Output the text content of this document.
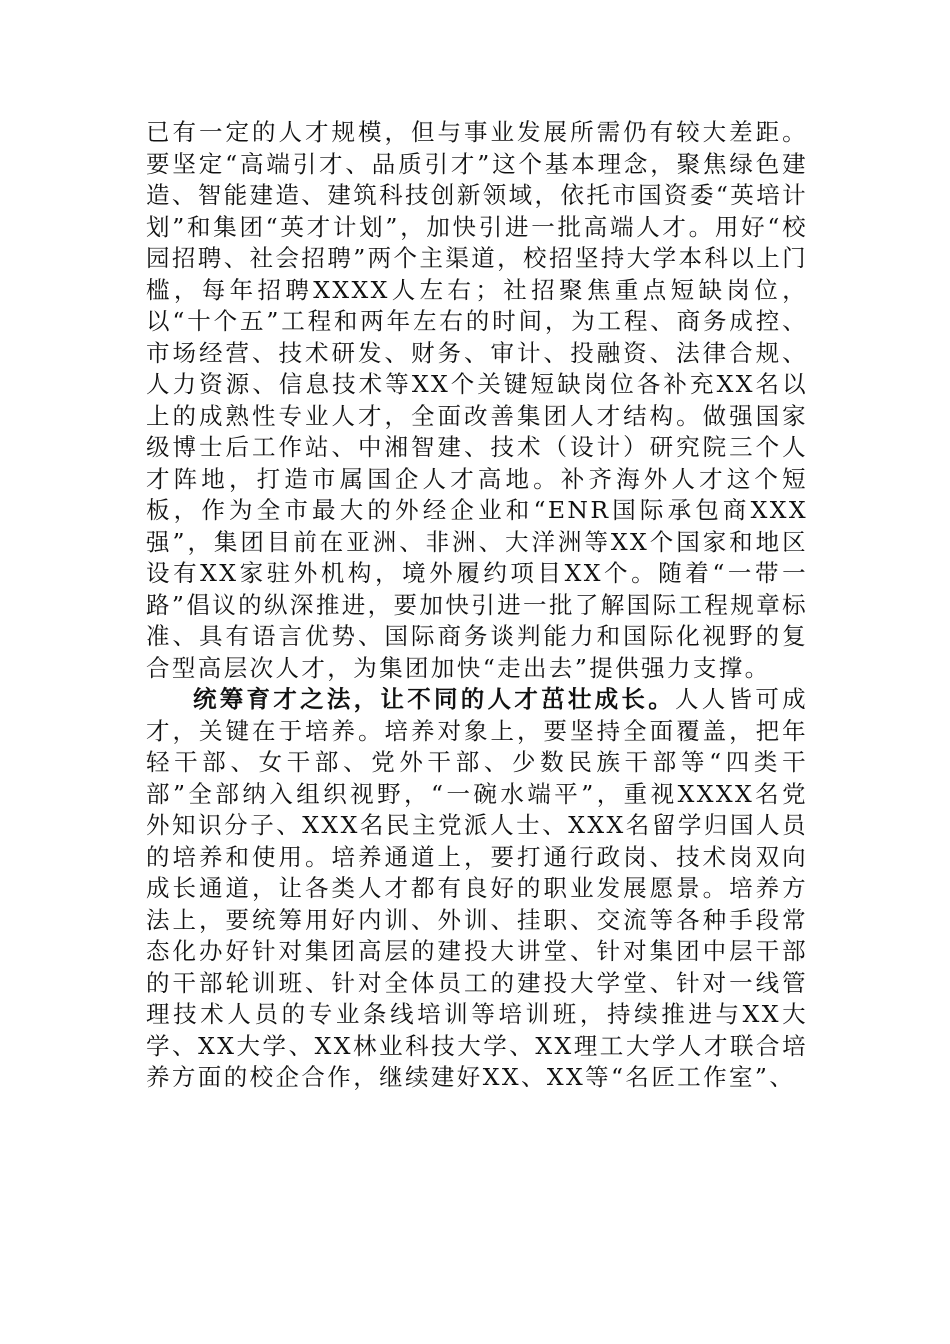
已有一定的人才规模，但与事业发展所需仍有较大差距。要坚定“高端引才、品质引才”这个基本理念，聚焦绿色建造、智能建造、建筑科技创新领域，依托市国资委“英培计划”和集团“英才计划”，加快引进一批高端人才。用好“校园招聘、社会招聘”两个主渠道，校招坚持大学本科以上门槛，每年招聘XXXX人左右；社招聚焦重点短缺岗位，以“十个五”工程和两年左右的时间，为工程、商务成控、市场经营、技术研发、财务、审计、投融资、法律合规、人力资源、信息技术等XX个关键短缺岗位各补充XX名以上的成熟性专业人才，全面改善集团人才结构。做强国家级博士后工作站、中湘智建、技术（设计）研究院三个人才阵地，打造市属国企人才高地。补齐海外人才这个短板，作为全市最大的外经企业和“ENR国际承包商XXX强”，集团目前在亚洲、非洲、大洋洲等XX个国家和地区设有XX家驻外机构，境外履约项目XX个。随着“一带一路”倡议的纵深推进，要加快引进一批了解国际工程规章标准、具有语言优势、国际商务谈判能力和国际化视野的复合型高层次人才，为集团加快“走出去”提供强力支撑。

统筹育才之法，让不同的人才茁壮成长。人人皆可成才，关键在于培养。培养对象上，要坚持全面覆盖，把年轻干部、女干部、党外干部、少数民族干部等“四类干部”全部纳入组织视野，“一碗水端平”，重视XXXX名党外知识分子、XXX名民主党派人士、XXX名留学归国人员的培养和使用。培养通道上，要打通行政岗、技术岗双向成长通道，让各类人才都有良好的职业发展愿景。培养方法上，要统筹用好内训、外训、挂职、交流等各种手段常态化办好针对集团高层的建投大讲堂、针对集团中层干部的干部轮训班、针对全体员工的建投大学堂、针对一线管理技术人员的专业条线培训等培训班，持续推进与XX大学、XX大学、XX林业科技大学、XX理工大学人才联合培养方面的校企合作，继续建好XX、XX等“名匠工作室”、
